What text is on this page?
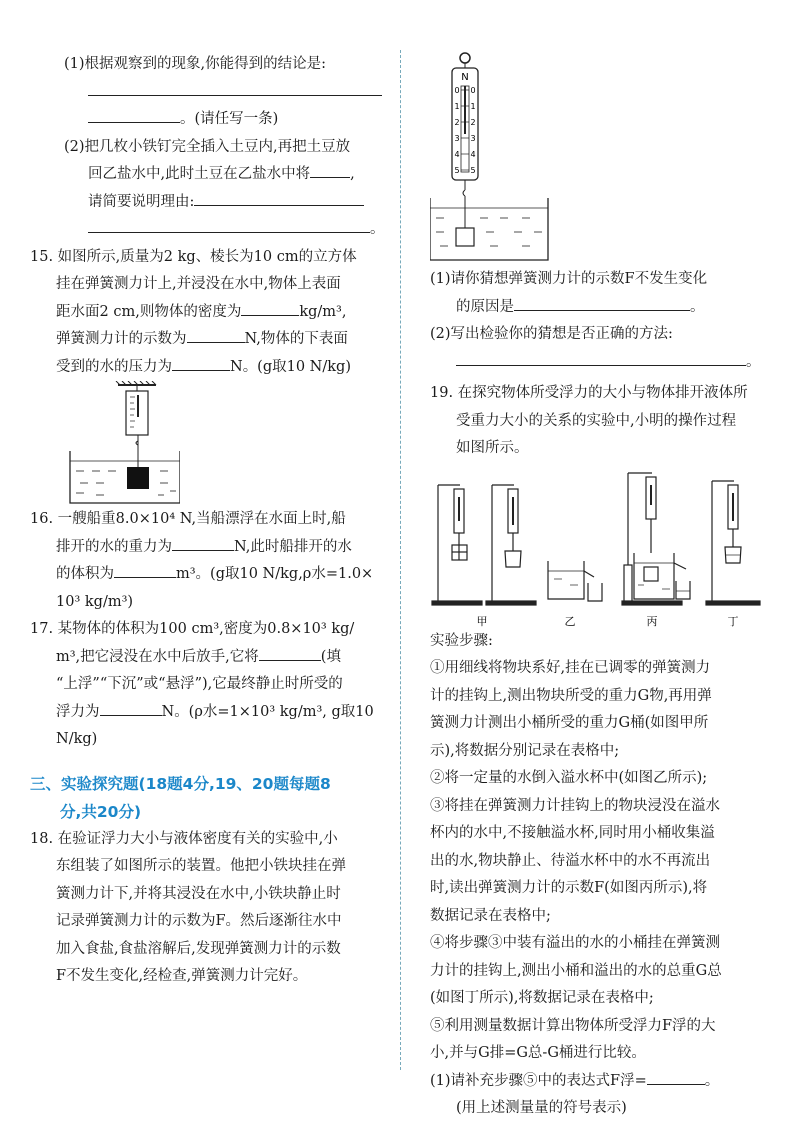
(1)根据观察到的现象,你能得到的结论是:
。(请任写一条)
(2)把几枚小铁钉完全插入土豆内,再把土豆放
回乙盐水中,此时土豆在乙盐水中将	,
请简要说明理由:
。
15. 如图所示,质量为2 kg、棱长为10 cm的立方体
挂在弹簧测力计上,并浸没在水中,物体上表面
距水面2 cm,则物体的密度为	kg/m³,
弹簧测力计的示数为	N,物体的下表面
受到的水的压力为	N。(g取10 N/kg)
16. 一艘船重8.0×10⁴ N,当船漂浮在水面上时,船
排开的水的重力为	N,此时船排开的水
的体积为	m³。(g取10 N/kg,ρ水=1.0×
10³ kg/m³)
17. 某物体的体积为100 cm³,密度为0.8×10³ kg/
m³,把它浸没在水中后放手,它将	(填
“上浮”“下沉”或“悬浮”),它最终静止时所受的
浮力为	N。(ρ水=1×10³ kg/m³, g取10
N/kg)
三、实验探究题(18题4分,19、20题每题8
分,共20分)
18. 在验证浮力大小与液体密度有关的实验中,小
东组装了如图所示的装置。他把小铁块挂在弹
簧测力计下,并将其浸没在水中,小铁块静止时
记录弹簧测力计的示数为F。然后逐渐往水中
加入食盐,食盐溶解后,发现弹簧测力计的示数
F不发生变化,经检查,弹簧测力计完好。
N
0 0
1 1
2 2
3 3
4 4
5 5
(1)请你猜想弹簧测力计的示数F不发生变化
的原因是	。
(2)写出检验你的猜想是否正确的方法:
。
19. 在探究物体所受浮力的大小与物体排开液体所
受重力大小的关系的实验中,小明的操作过程
如图所示。
甲	乙	丙	丁
实验步骤:
①用细线将物块系好,挂在已调零的弹簧测力
计的挂钩上,测出物块所受的重力G物,再用弹
簧测力计测出小桶所受的重力G桶(如图甲所
示),将数据分别记录在表格中;
②将一定量的水倒入溢水杯中(如图乙所示);
③将挂在弹簧测力计挂钩上的物块浸没在溢水
杯内的水中,不接触溢水杯,同时用小桶收集溢
出的水,物块静止、待溢水杯中的水不再流出
时,读出弹簧测力计的示数F(如图丙所示),将
数据记录在表格中;
④将步骤③中装有溢出的水的小桶挂在弹簧测
力计的挂钩上,测出小桶和溢出的水的总重G总
(如图丁所示),将数据记录在表格中;
⑤利用测量数据计算出物体所受浮力F浮的大
小,并与G排=G总-G桶进行比较。
(1)请补充步骤⑤中的表达式F浮=	。
(用上述测量量的符号表示)
